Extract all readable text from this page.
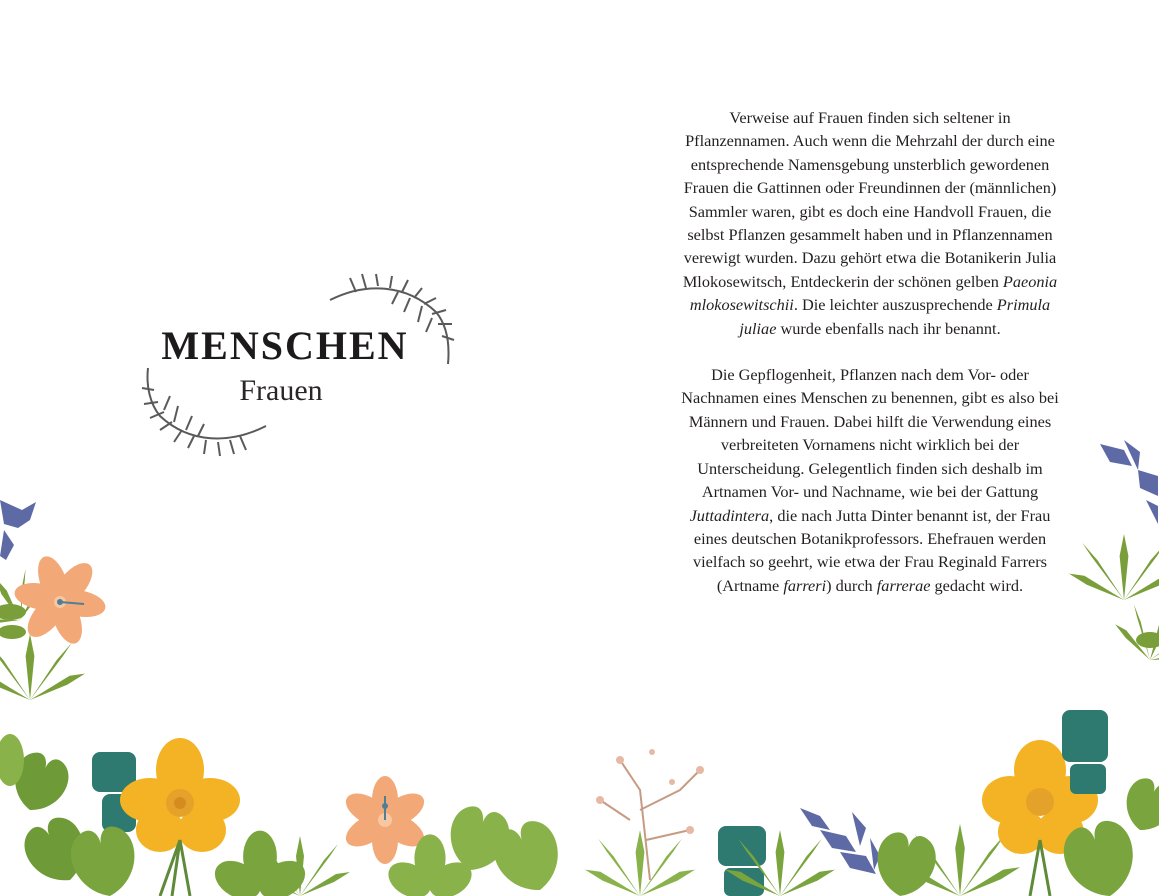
MENSCHEN
Frauen

Verweise auf Frauen finden sich seltener in Pflanzennamen. Auch wenn die Mehrzahl der durch eine entsprechende Namensgebung unsterblich gewordenen Frauen die Gattinnen oder Freundinnen der (männlichen) Sammler waren, gibt es doch eine Handvoll Frauen, die selbst Pflanzen gesammelt haben und in Pflanzennamen verewigt wurden. Dazu gehört etwa die Botanikerin Julia Mlokosewitsch, Entdeckerin der schönen gelben Paeonia mlokosewitschii. Die leichter auszusprechende Primula juliae wurde ebenfalls nach ihr benannt.

Die Gepflogenheit, Pflanzen nach dem Vor- oder Nachnamen eines Menschen zu benennen, gibt es also bei Männern und Frauen. Dabei hilft die Verwendung eines verbreiteten Vornamens nicht wirklich bei der Unterscheidung. Gelegentlich finden sich deshalb im Artnamen Vor- und Nachname, wie bei der Gattung Juttadintera, die nach Jutta Dinter benannt ist, der Frau eines deutschen Botanikprofessors. Ehefrauen werden vielfach so geehrt, wie etwa der Frau Reginald Farrers (Artname farreri) durch farrerae gedacht wird.
